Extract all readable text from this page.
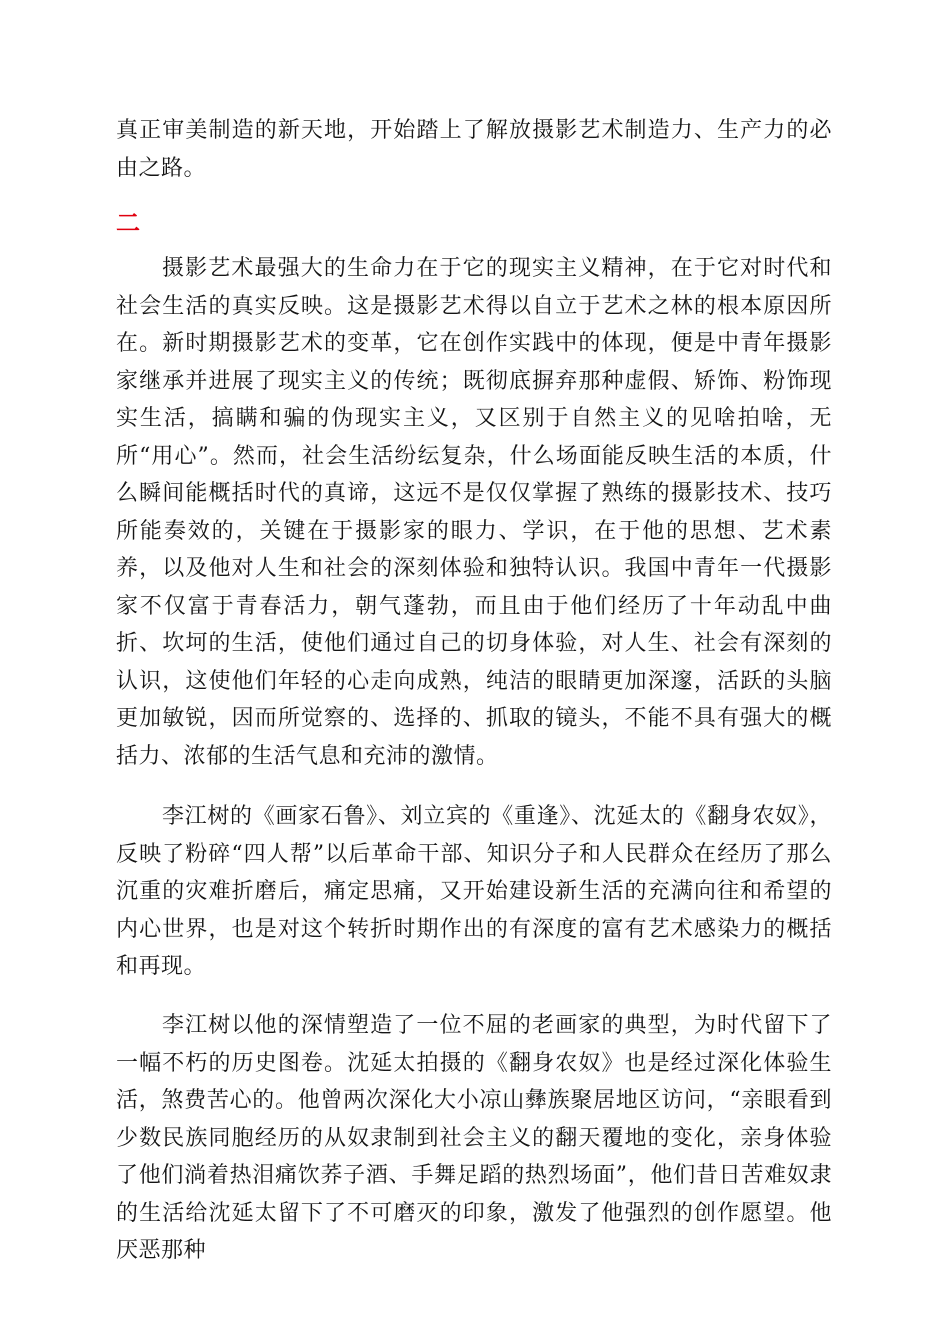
真正审美制造的新天地，开始踏上了解放摄影艺术制造力、生产力的必由之路。

二

摄影艺术最强大的生命力在于它的现实主义精神，在于它对时代和社会生活的真实反映。这是摄影艺术得以自立于艺术之林的根本原因所在。新时期摄影艺术的变革，它在创作实践中的体现，便是中青年摄影家继承并进展了现实主义的传统；既彻底摒弃那种虚假、矫饰、粉饰现实生活，搞瞒和骗的伪现实主义，又区别于自然主义的见啥拍啥，无所“用心”。然而，社会生活纷纭复杂，什么场面能反映生活的本质，什么瞬间能概括时代的真谛，这远不是仅仅掌握了熟练的摄影技术、技巧所能奏效的，关键在于摄影家的眼力、学识，在于他的思想、艺术素养，以及他对人生和社会的深刻体验和独特认识。我国中青年一代摄影家不仅富于青春活力，朝气蓬勃，而且由于他们经历了十年动乱中曲折、坎坷的生活，使他们通过自己的切身体验，对人生、社会有深刻的认识，这使他们年轻的心走向成熟，纯洁的眼睛更加深邃，活跃的头脑更加敏锐，因而所觉察的、选择的、抓取的镜头，不能不具有强大的概括力、浓郁的生活气息和充沛的激情。

李江树的《画家石鲁》、刘立宾的《重逢》、沈延太的《翻身农奴》，反映了粉碎“四人帮”以后革命干部、知识分子和人民群众在经历了那么沉重的灾难折磨后，痛定思痛，又开始建设新生活的充满向往和希望的内心世界，也是对这个转折时期作出的有深度的富有艺术感染力的概括和再现。

李江树以他的深情塑造了一位不屈的老画家的典型，为时代留下了一幅不朽的历史图卷。沈延太拍摄的《翻身农奴》也是经过深化体验生活，煞费苦心的。他曾两次深化大小凉山彝族聚居地区访问，“亲眼看到少数民族同胞经历的从奴隶制到社会主义的翻天覆地的变化，亲身体验了他们淌着热泪痛饮荞子酒、手舞足蹈的热烈场面”，他们昔日苦难奴隶的生活给沈延太留下了不可磨灭的印象，激发了他强烈的创作愿望。他厌恶那种
